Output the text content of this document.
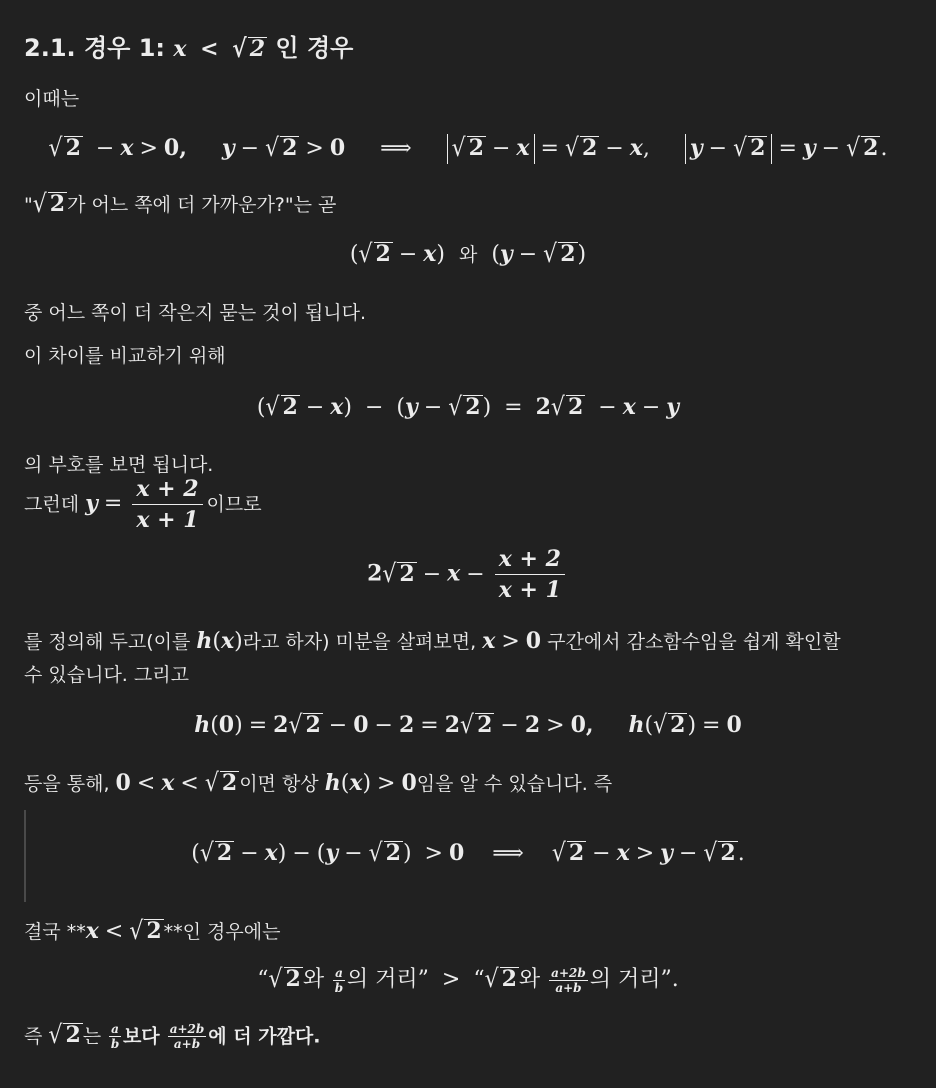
2.1. 경우 1: x < √ 2 인 경우
이때는
√ 2 − x > 0, y − √ 2 > 0 ⟹ √ 2 − x = √ 2 − x,     y − √ 2 = y − √ 2.
"√ 2 가 어느 쪽에 더 가까운가?"는 곧
(√ 2 − x)  와  (y − √ 2)
중 어느 쪽이 더 작은지 묻는 것이 됩니다.
이 차이를 비교하기 위해
(√ 2 − x) − (y − √ 2) = 2√ 2 − x − y
의 부호를 보면 됩니다.
그런데 $y = \frac{x + 2}{x + 1}$ 이므로
2√ $2 - x - \frac{x + 2}{x + 1}$
를 정의해 두고(이를 h(x)라고 하자) 미분을 살펴보면, x > 0 구간에서 감소함수임을 쉽게 확인할
수 있습니다. 그리고
h(0) = 2√ 2 − 0 − 2 = 2√ 2 − 2 > 0, h(√ 2) = 0
등을 통해, 0 < x < √ 2 이면 항상 h(x) > 0임을 알 수 있습니다. 즉
(√ 2 − x) − (y − √ 2) > 0 ⟹ √ 2 − x > y − √ 2.
결국 **x < √ 2 **인 경우에는
“√ 2와 $\frac{a}{b}$ 의 거리” > “√ 2와 $\frac{a+2b}{a+b}$ 의 거리”.
즉 √ 2 는 $\frac{a}{b}$ 보다 $\frac{a+2b}{a+b}$ 에 더 가깝다.
